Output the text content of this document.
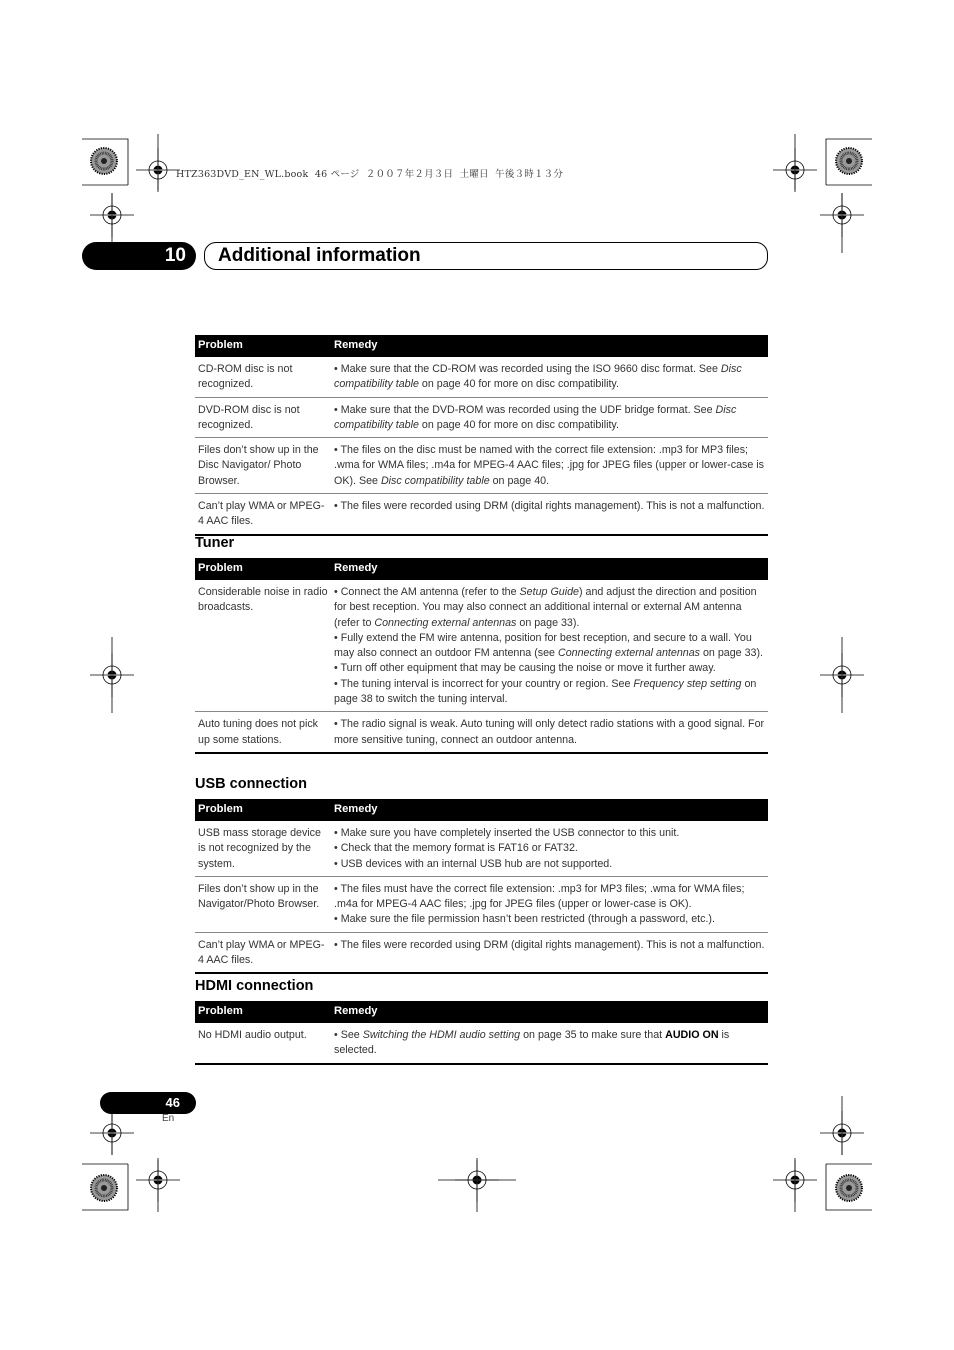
HTZ363DVD_EN_WL.book  46 ページ  ２００７年２月３日  土曜日  午後３時１３分
10	Additional information
Problem	Remedy
CD-ROM disc is not recognized.	• Make sure that the CD-ROM was recorded using the ISO 9660 disc format. See Disc compatibility table on page 40 for more on disc compatibility.

DVD-ROM disc is not recognized.	• Make sure that the DVD-ROM was recorded using the UDF bridge format. See Disc compatibility table on page 40 for more on disc compatibility.

Files don’t show up in the Disc Navigator/ Photo Browser.	• The files on the disc must be named with the correct file extension: .mp3 for MP3 files; .wma for WMA files; .m4a for MPEG-4 AAC files; .jpg for JPEG files (upper or lower-case is OK). See Disc compatibility table on page 40.

Can’t play WMA or MPEG-4 AAC files.	• The files were recorded using DRM (digital rights management). This is not a malfunction.
Tuner
Problem	Remedy
Considerable noise in radio broadcasts.	• Connect the AM antenna (refer to the Setup Guide) and adjust the direction and position for best reception. You may also connect an additional internal or external AM antenna (refer to Connecting external antennas on page 33).
• Fully extend the FM wire antenna, position for best reception, and secure to a wall. You may also connect an outdoor FM antenna (see Connecting external antennas on page 33).
• Turn off other equipment that may be causing the noise or move it further away.
• The tuning interval is incorrect for your country or region. See Frequency step setting on page 38 to switch the tuning interval.

Auto tuning does not pick up some stations.	• The radio signal is weak. Auto tuning will only detect radio stations with a good signal. For more sensitive tuning, connect an outdoor antenna.
USB connection
Problem	Remedy
USB mass storage device is not recognized by the system.	• Make sure you have completely inserted the USB connector to this unit.
• Check that the memory format is FAT16 or FAT32.
• USB devices with an internal USB hub are not supported.

Files don’t show up in the Navigator/Photo Browser.	• The files must have the correct file extension: .mp3 for MP3 files; .wma for WMA files; .m4a for MPEG-4 AAC files; .jpg for JPEG files (upper or lower-case is OK).
• Make sure the file permission hasn’t been restricted (through a password, etc.).

Can’t play WMA or MPEG-4 AAC files.	• The files were recorded using DRM (digital rights management). This is not a malfunction.
HDMI connection
Problem	Remedy
No HDMI audio output.	• See Switching the HDMI audio setting on page 35 to make sure that AUDIO ON is selected.
46
En
